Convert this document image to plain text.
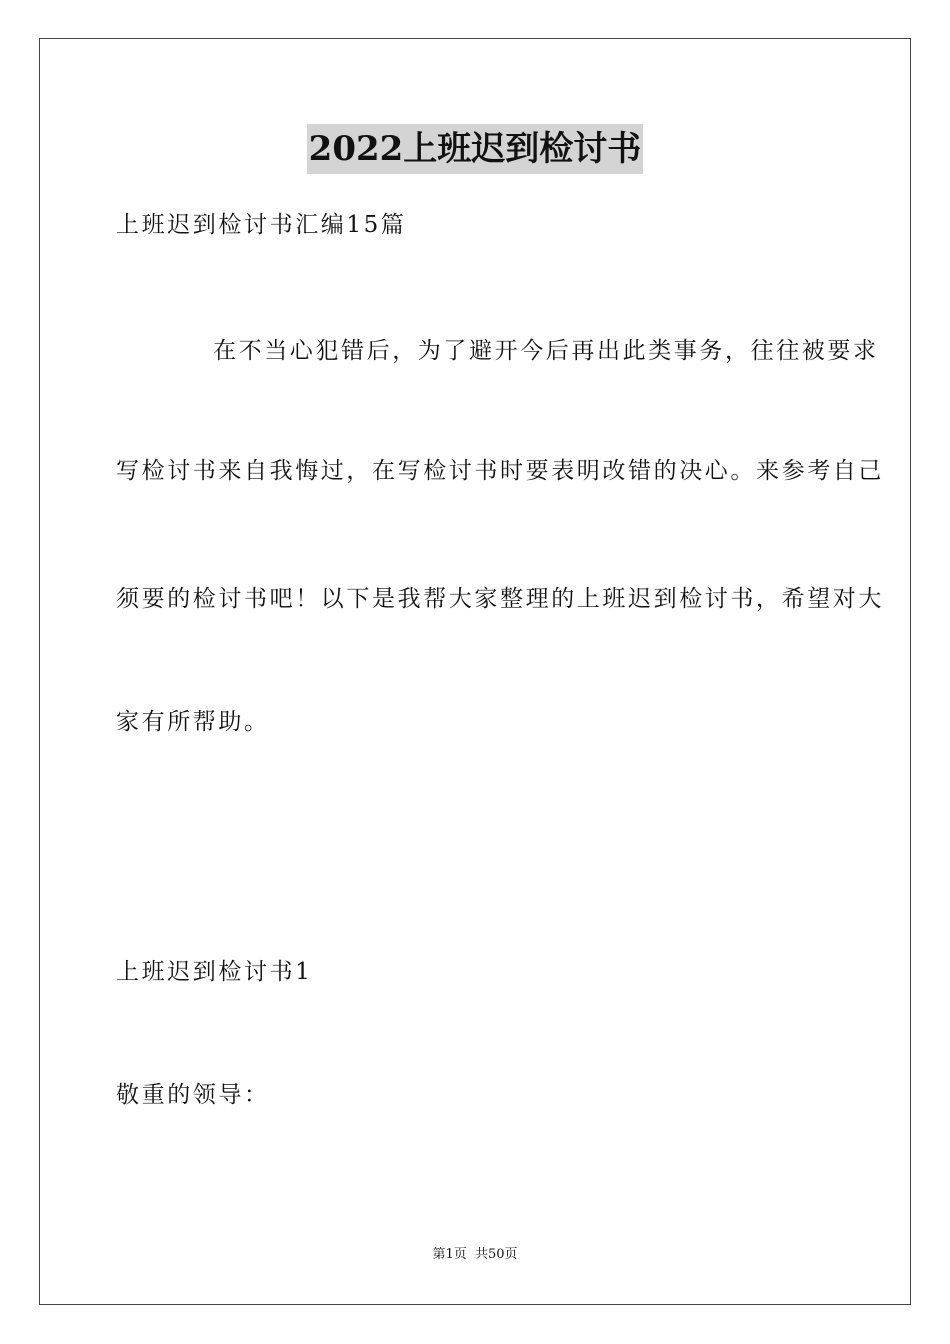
2022上班迟到检讨书
上班迟到检讨书汇编15篇
在不当心犯错后，为了避开今后再出此类事务，往往被要求
写检讨书来自我悔过，在写检讨书时要表明改错的决心。来参考自己
须要的检讨书吧！以下是我帮大家整理的上班迟到检讨书，希望对大
家有所帮助。
上班迟到检讨书1
敬重的领导：
第1页 共50页
